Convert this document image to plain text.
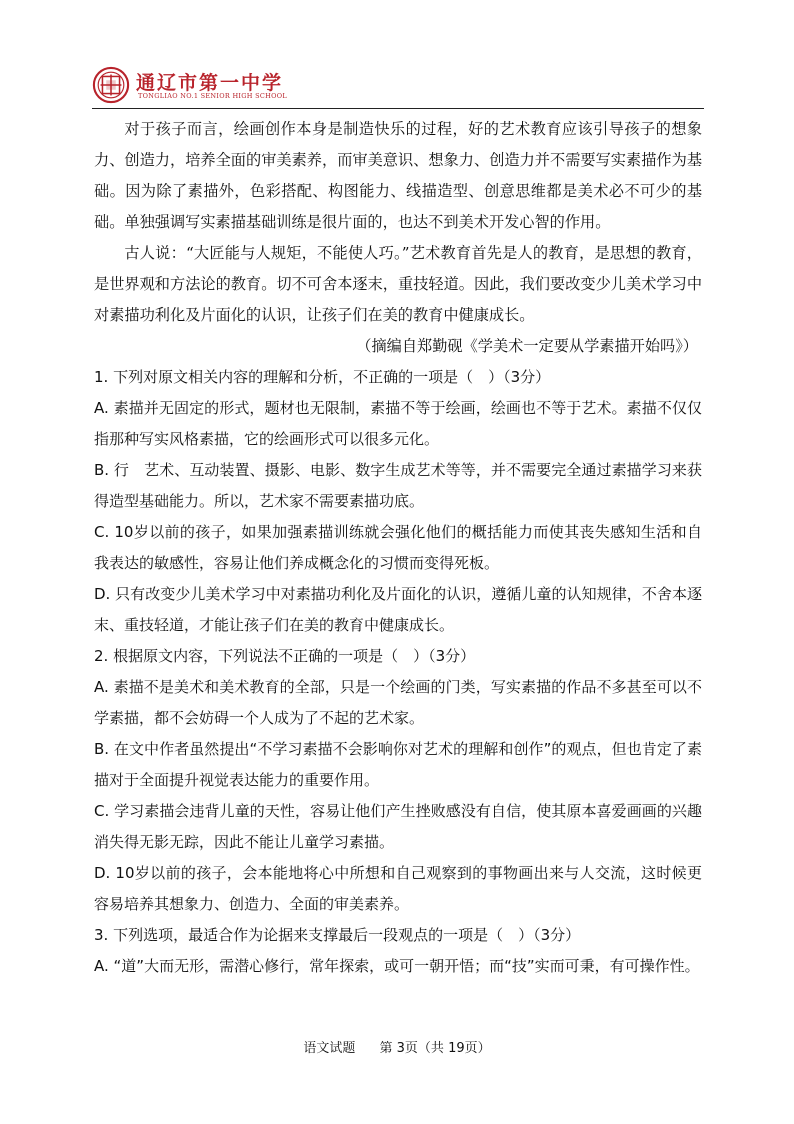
通辽市第一中学
TONGLIAO NO.1 SENIOR HIGH SCHOOL

对于孩子而言，绘画创作本身是制造快乐的过程，好的艺术教育应该引导孩子的想象力、创造力，培养全面的审美素养，而审美意识、想象力、创造力并不需要写实素描作为基础。因为除了素描外，色彩搭配、构图能力、线描造型、创意思维都是美术必不可少的基础。单独强调写实素描基础训练是很片面的，也达不到美术开发心智的作用。

古人说：“大匠能与人规矩，不能使人巧。”艺术教育首先是人的教育，是思想的教育，是世界观和方法论的教育。切不可舍本逐末，重技轻道。因此，我们要改变少儿美术学习中对素描功利化及片面化的认识，让孩子们在美的教育中健康成长。

（摘编自郑勤砚《学美术一定要从学素描开始吗》）

1. 下列对原文相关内容的理解和分析，不正确的一项是（　）（3分）

A. 素描并无固定的形式，题材也无限制，素描不等于绘画，绘画也不等于艺术。素描不仅仅指那种写实风格素描，它的绘画形式可以很多元化。

B. 行　艺术、互动装置、摄影、电影、数字生成艺术等等，并不需要完全通过素描学习来获得造型基础能力。所以，艺术家不需要素描功底。

C. 10岁以前的孩子，如果加强素描训练就会强化他们的概括能力而使其丧失感知生活和自我表达的敏感性，容易让他们养成概念化的习惯而变得死板。

D. 只有改变少儿美术学习中对素描功利化及片面化的认识，遵循儿童的认知规律，不舍本逐末、重技轻道，才能让孩子们在美的教育中健康成长。

2. 根据原文内容，下列说法不正确的一项是（　）（3分）

A. 素描不是美术和美术教育的全部，只是一个绘画的门类，写实素描的作品不多甚至可以不学素描，都不会妨碍一个人成为了不起的艺术家。

B. 在文中作者虽然提出“不学习素描不会影响你对艺术的理解和创作”的观点，但也肯定了素描对于全面提升视觉表达能力的重要作用。

C. 学习素描会违背儿童的天性，容易让他们产生挫败感没有自信，使其原本喜爱画画的兴趣消失得无影无踪，因此不能让儿童学习素描。

D. 10岁以前的孩子，会本能地将心中所想和自己观察到的事物画出来与人交流，这时候更容易培养其想象力、创造力、全面的审美素养。

3. 下列选项，最适合作为论据来支撑最后一段观点的一项是（　）（3分）

A. “道”大而无形，需潜心修行，常年探索，或可一朝开悟；而“技”实而可秉，有可操作性。

语文试题 第 3页（共 19页）
